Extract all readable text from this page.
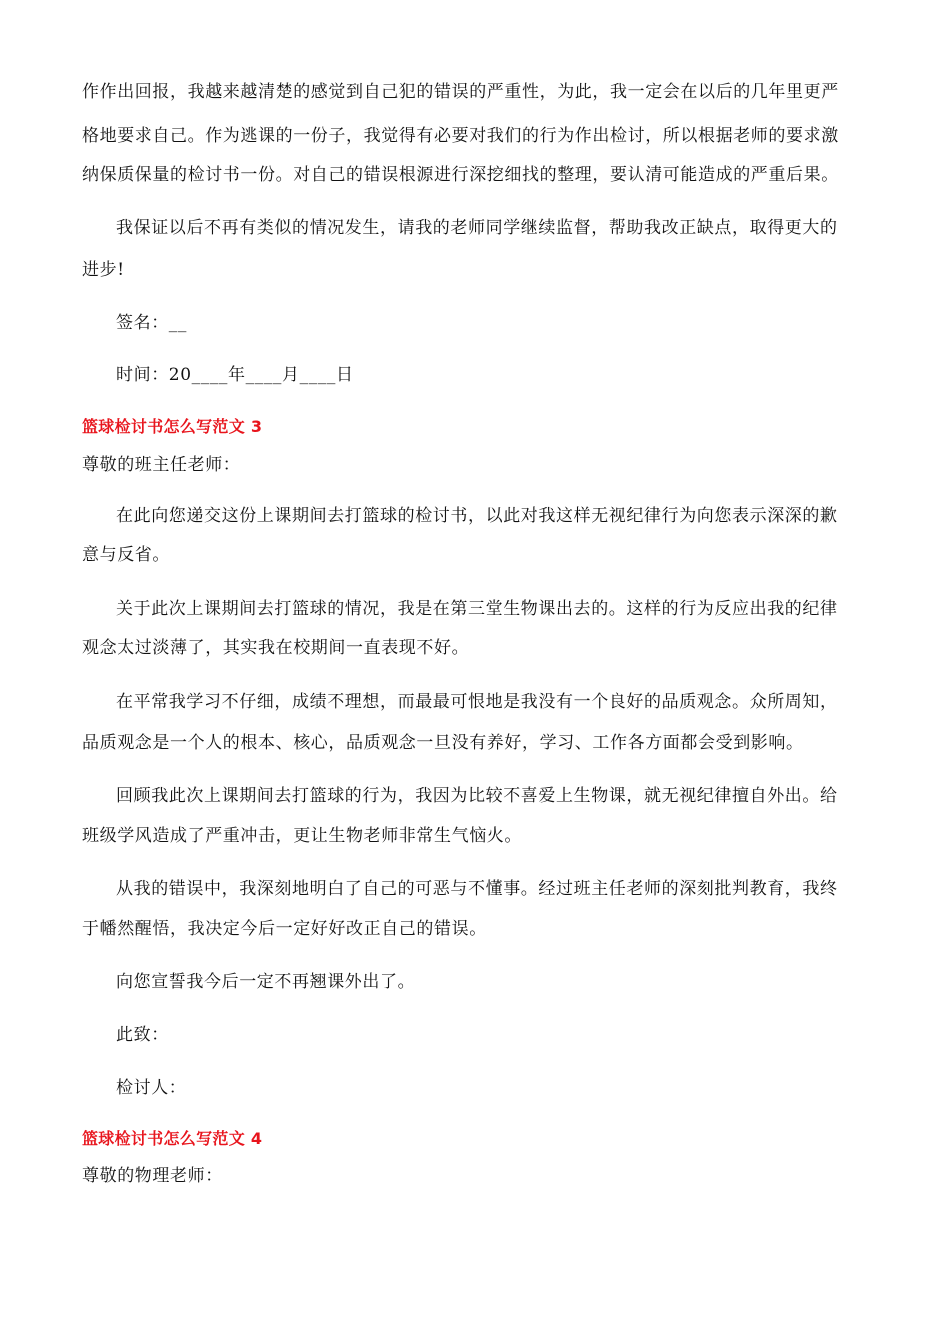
作作出回报，我越来越清楚的感觉到自己犯的错误的严重性，为此，我一定会在以后的几年里更严
格地要求自己。作为逃课的一份子，我觉得有必要对我们的行为作出检讨，所以根据老师的要求激
纳保质保量的检讨书一份。对自己的错误根源进行深挖细找的整理，要认清可能造成的严重后果。
我保证以后不再有类似的情况发生，请我的老师同学继续监督，帮助我改正缺点，取得更大的
进步!
签名：__
时间：20____年____月____日
篮球检讨书怎么写范文 3
尊敬的班主任老师：
在此向您递交这份上课期间去打篮球的检讨书，以此对我这样无视纪律行为向您表示深深的歉
意与反省。
关于此次上课期间去打篮球的情况，我是在第三堂生物课出去的。这样的行为反应出我的纪律
观念太过淡薄了，其实我在校期间一直表现不好。
在平常我学习不仔细，成绩不理想，而最最可恨地是我没有一个良好的品质观念。众所周知，
品质观念是一个人的根本、核心，品质观念一旦没有养好，学习、工作各方面都会受到影响。
回顾我此次上课期间去打篮球的行为，我因为比较不喜爱上生物课，就无视纪律擅自外出。给
班级学风造成了严重冲击，更让生物老师非常生气恼火。
从我的错误中，我深刻地明白了自己的可恶与不懂事。经过班主任老师的深刻批判教育，我终
于幡然醒悟，我决定今后一定好好改正自己的错误。
向您宣誓我今后一定不再翘课外出了。
此致：
检讨人：
篮球检讨书怎么写范文 4
尊敬的物理老师：
